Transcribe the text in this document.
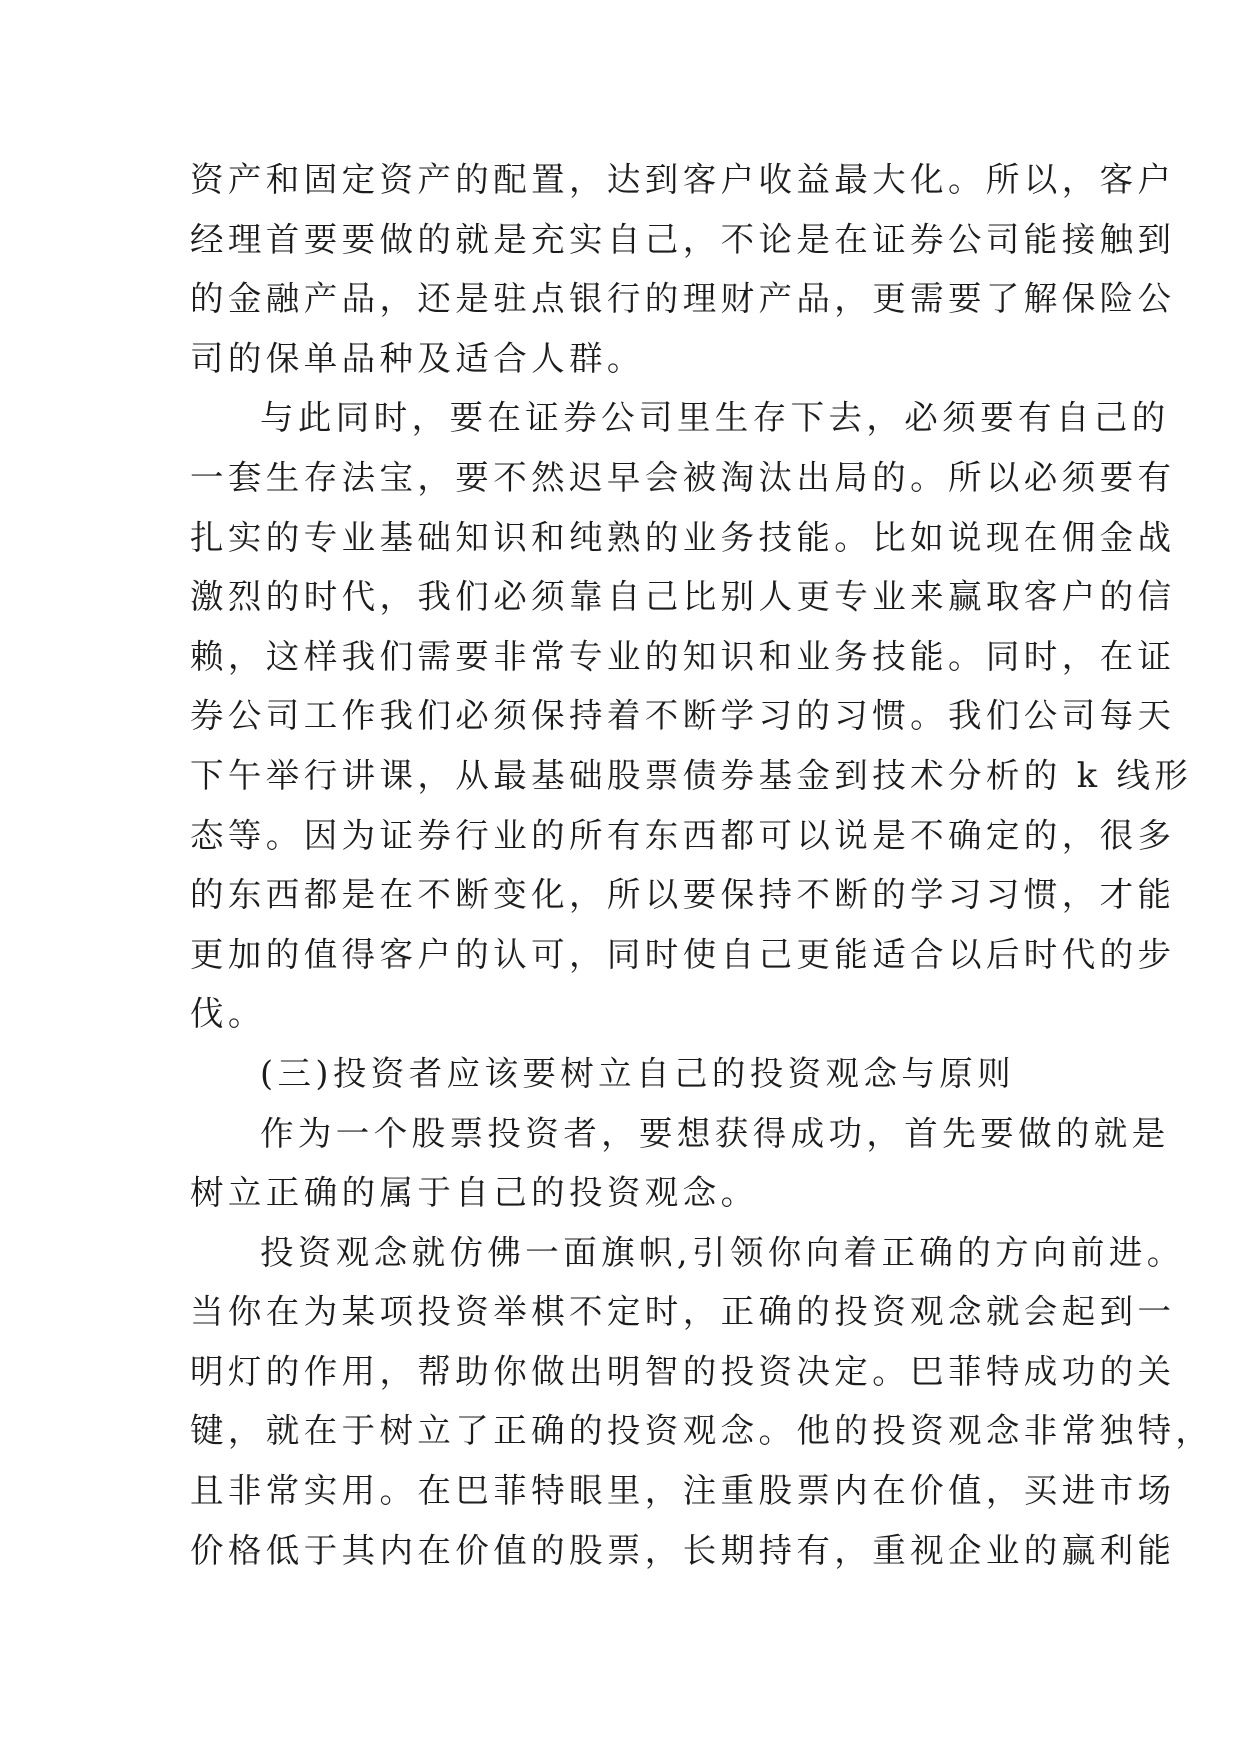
资产和固定资产的配置，达到客户收益最大化。所以，客户
经理首要要做的就是充实自己，不论是在证券公司能接触到
的金融产品，还是驻点银行的理财产品，更需要了解保险公
司的保单品种及适合人群。
与此同时，要在证券公司里生存下去，必须要有自己的
一套生存法宝，要不然迟早会被淘汰出局的。所以必须要有
扎实的专业基础知识和纯熟的业务技能。比如说现在佣金战
激烈的时代，我们必须靠自己比别人更专业来赢取客户的信
赖，这样我们需要非常专业的知识和业务技能。同时，在证
券公司工作我们必须保持着不断学习的习惯。我们公司每天
下午举行讲课，从最基础股票债券基金到技术分析的 k 线形
态等。因为证券行业的所有东西都可以说是不确定的，很多
的东西都是在不断变化，所以要保持不断的学习习惯，才能
更加的值得客户的认可，同时使自己更能适合以后时代的步
伐。
(三)投资者应该要树立自己的投资观念与原则
作为一个股票投资者，要想获得成功，首先要做的就是
树立正确的属于自己的投资观念。
投资观念就仿佛一面旗帜,引领你向着正确的方向前进。
当你在为某项投资举棋不定时，正确的投资观念就会起到一
明灯的作用，帮助你做出明智的投资决定。巴菲特成功的关
键，就在于树立了正确的投资观念。他的投资观念非常独特，
且非常实用。在巴菲特眼里，注重股票内在价值，买进市场
价格低于其内在价值的股票，长期持有，重视企业的赢利能
